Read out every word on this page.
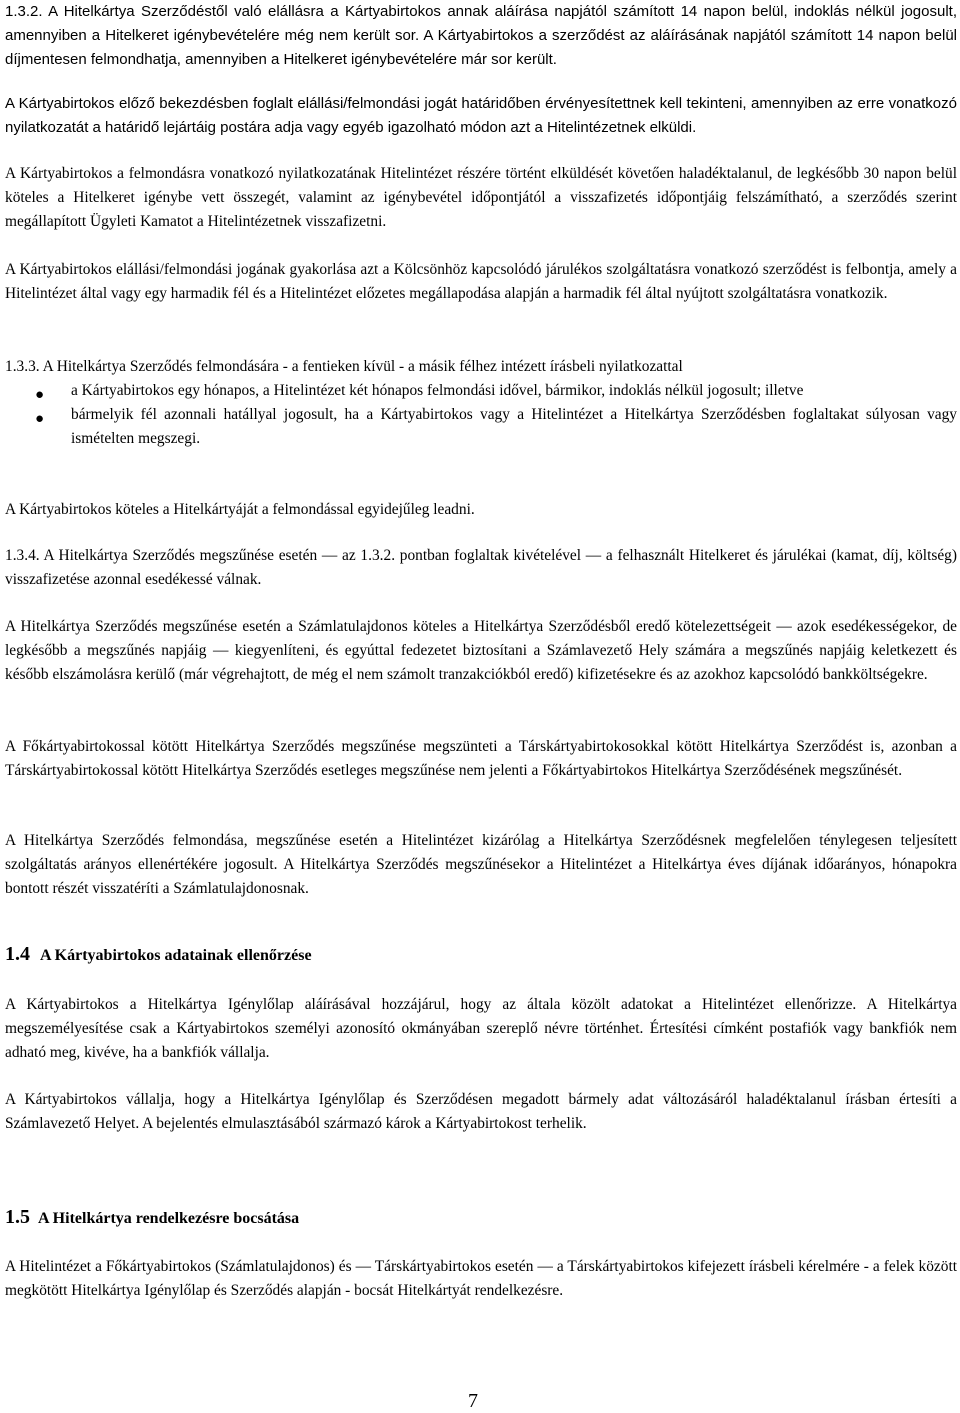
1.3.2. A Hitelkártya Szerződéstől való elállásra a Kártyabirtokos annak aláírása napjától számított 14 napon belül, indoklás nélkül jogosult, amennyiben a Hitelkeret igénybevételére még nem került sor. A Kártyabirtokos a szerződést az aláírásának napjától számított 14 napon belül díjmentesen felmondhatja, amennyiben a Hitelkeret igénybevételére már sor került.

A Kártyabirtokos előző bekezdésben foglalt elállási/felmondási jogát határidőben érvényesítettnek kell tekinteni, amennyiben az erre vonatkozó nyilatkozatát a határidő lejártáig postára adja vagy egyéb igazolható módon azt a Hitelintézetnek elküldi.

A Kártyabirtokos a felmondásra vonatkozó nyilatkozatának Hitelintézet részére történt elküldését követően haladéktalanul, de legkésőbb 30 napon belül köteles a Hitelkeret igénybe vett összegét, valamint az igénybevétel időpontjától a visszafizetés időpontjáig felszámítható, a szerződés szerint megállapított Ügyleti Kamatot a Hitelintézetnek visszafizetni.

A Kártyabirtokos elállási/felmondási jogának gyakorlása azt a Kölcsönhöz kapcsolódó járulékos szolgáltatásra vonatkozó szerződést is felbontja, amely a Hitelintézet által vagy egy harmadik fél és a Hitelintézet előzetes megállapodása alapján a harmadik fél által nyújtott szolgáltatásra vonatkozik.

1.3.3. A Hitelkártya Szerződés felmondására - a fentieken kívül - a másik félhez intézett írásbeli nyilatkozattal

● a Kártyabirtokos egy hónapos, a Hitelintézet két hónapos felmondási idővel, bármikor, indoklás nélkül jogosult; illetve
● bármelyik fél azonnali hatállyal jogosult, ha a Kártyabirtokos vagy a Hitelintézet a Hitelkártya Szerződésben foglaltakat súlyosan vagy ismételten megszegi.

A Kártyabirtokos köteles a Hitelkártyáját a felmondással egyidejűleg leadni.

1.3.4. A Hitelkártya Szerződés megszűnése esetén — az 1.3.2. pontban foglaltak kivételével — a felhasznált Hitelkeret és járulékai (kamat, díj, költség) visszafizetése azonnal esedékessé válnak.

A Hitelkártya Szerződés megszűnése esetén a Számlatulajdonos köteles a Hitelkártya Szerződésből eredő kötelezettségeit — azok esedékességekor, de legkésőbb a megszűnés napjáig — kiegyenlíteni, és egyúttal fedezetet biztosítani a Számlavezető Hely számára a megszűnés napjáig keletkezett és később elszámolásra kerülő (már végrehajtott, de még el nem számolt tranzakciókból eredő) kifizetésekre és az azokhoz kapcsolódó bankköltségekre.

A Főkártyabirtokossal kötött Hitelkártya Szerződés megszűnése megszünteti a Társkártyabirtokosokkal kötött Hitelkártya Szerződést is, azonban a Társkártyabirtokossal kötött Hitelkártya Szerződés esetleges megszűnése nem jelenti a Főkártyabirtokos Hitelkártya Szerződésének megszűnését.

A Hitelkártya Szerződés felmondása, megszűnése esetén a Hitelintézet kizárólag a Hitelkártya Szerződésnek megfelelően ténylegesen teljesített szolgáltatás arányos ellenértékére jogosult. A Hitelkártya Szerződés megszűnésekor a Hitelintézet a Hitelkártya éves díjának időarányos, hónapokra bontott részét visszatéríti a Számlatulajdonosnak.

1.4 A Kártyabirtokos adatainak ellenőrzése

A Kártyabirtokos a Hitelkártya Igénylőlap aláírásával hozzájárul, hogy az általa közölt adatokat a Hitelintézet ellenőrizze. A Hitelkártya megszemélyesítése csak a Kártyabirtokos személyi azonosító okmányában szereplő névre történhet. Értesítési címként postafiók vagy bankfiók nem adható meg, kivéve, ha a bankfiók vállalja.

A Kártyabirtokos vállalja, hogy a Hitelkártya Igénylőlap és Szerződésen megadott bármely adat változásáról haladéktalanul írásban értesíti a Számlavezető Helyet. A bejelentés elmulasztásából származó károk a Kártyabirtokost terhelik.

1.5 A Hitelkártya rendelkezésre bocsátása

A Hitelintézet a Főkártyabirtokos (Számlatulajdonos) és — Társkártyabirtokos esetén — a Társkártyabirtokos kifejezett írásbeli kérelmére - a felek között megkötött Hitelkártya Igénylőlap és Szerződés alapján - bocsát Hitelkártyát rendelkezésre.

7
